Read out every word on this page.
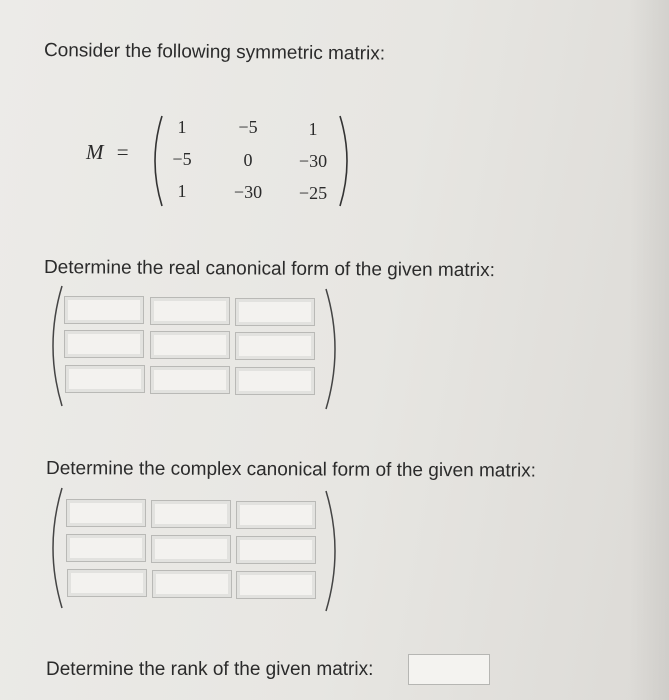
Consider the following symmetric matrix:
M =
1	−5	1
−5	0	−30
1	−30	−25
Determine the real canonical form of the given matrix:
Determine the complex canonical form of the given matrix:
Determine the rank of the given matrix:
